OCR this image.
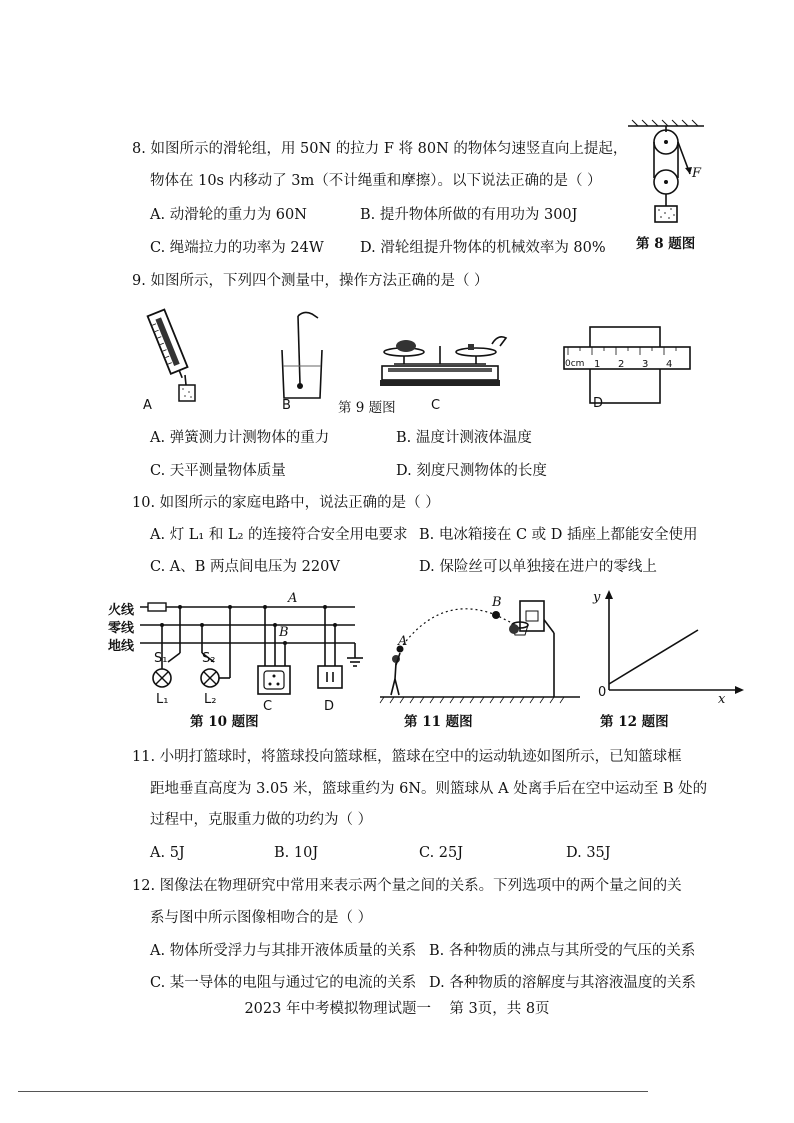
8. 如图所示的滑轮组，用 50N 的拉力 F 将 80N 的物体匀速竖直向上提起，
物体在 10s 内移动了 3m（不计绳重和摩擦）。以下说法正确的是（ ）
A. 动滑轮的重力为 60N	B. 提升物体所做的有用功为 300J
C. 绳端拉力的功率为 24W D. 滑轮组提升物体的机械效率为 80%
F
第 8 题图
9. 如图所示，下列四个测量中，操作方法正确的是（ ）
A	B	第 9 题图	C
0cm 1 2 3 4
D
A. 弹簧测力计测物体的重力	B. 温度计测液体温度
C. 天平测量物体质量	D. 刻度尺测物体的长度
10. 如图所示的家庭电路中，说法正确的是（ ）
A. 灯 L₁ 和 L₂ 的连接符合安全用电要求 B. 电冰箱接在 C 或 D 插座上都能安全使用
C. A、B 两点间电压为 220V	D. 保险丝可以单独接在进户的零线上
火线
零线
地线
A
B
S₁	S₂
L₁	L₂	C	D
第 10 题图
A
B
第 11 题图
y
0	x
第 12 题图
11. 小明打篮球时，将篮球投向篮球框，篮球在空中的运动轨迹如图所示，已知篮球框
距地垂直高度为 3.05 米，篮球重约为 6N。则篮球从 A 处离手后在空中运动至 B 处的
过程中，克服重力做的功约为（ ）
A. 5J	B. 10J	C. 25J	D. 35J
12. 图像法在物理研究中常用来表示两个量之间的关系。下列选项中的两个量之间的关
系与图中所示图像相吻合的是（ ）
A. 物体所受浮力与其排开液体质量的关系 B. 各种物质的沸点与其所受的气压的关系
C. 某一导体的电阻与通过它的电流的关系 D. 各种物质的溶解度与其溶液温度的关系
2023 年中考模拟物理试题一    第 3页，共 8页
